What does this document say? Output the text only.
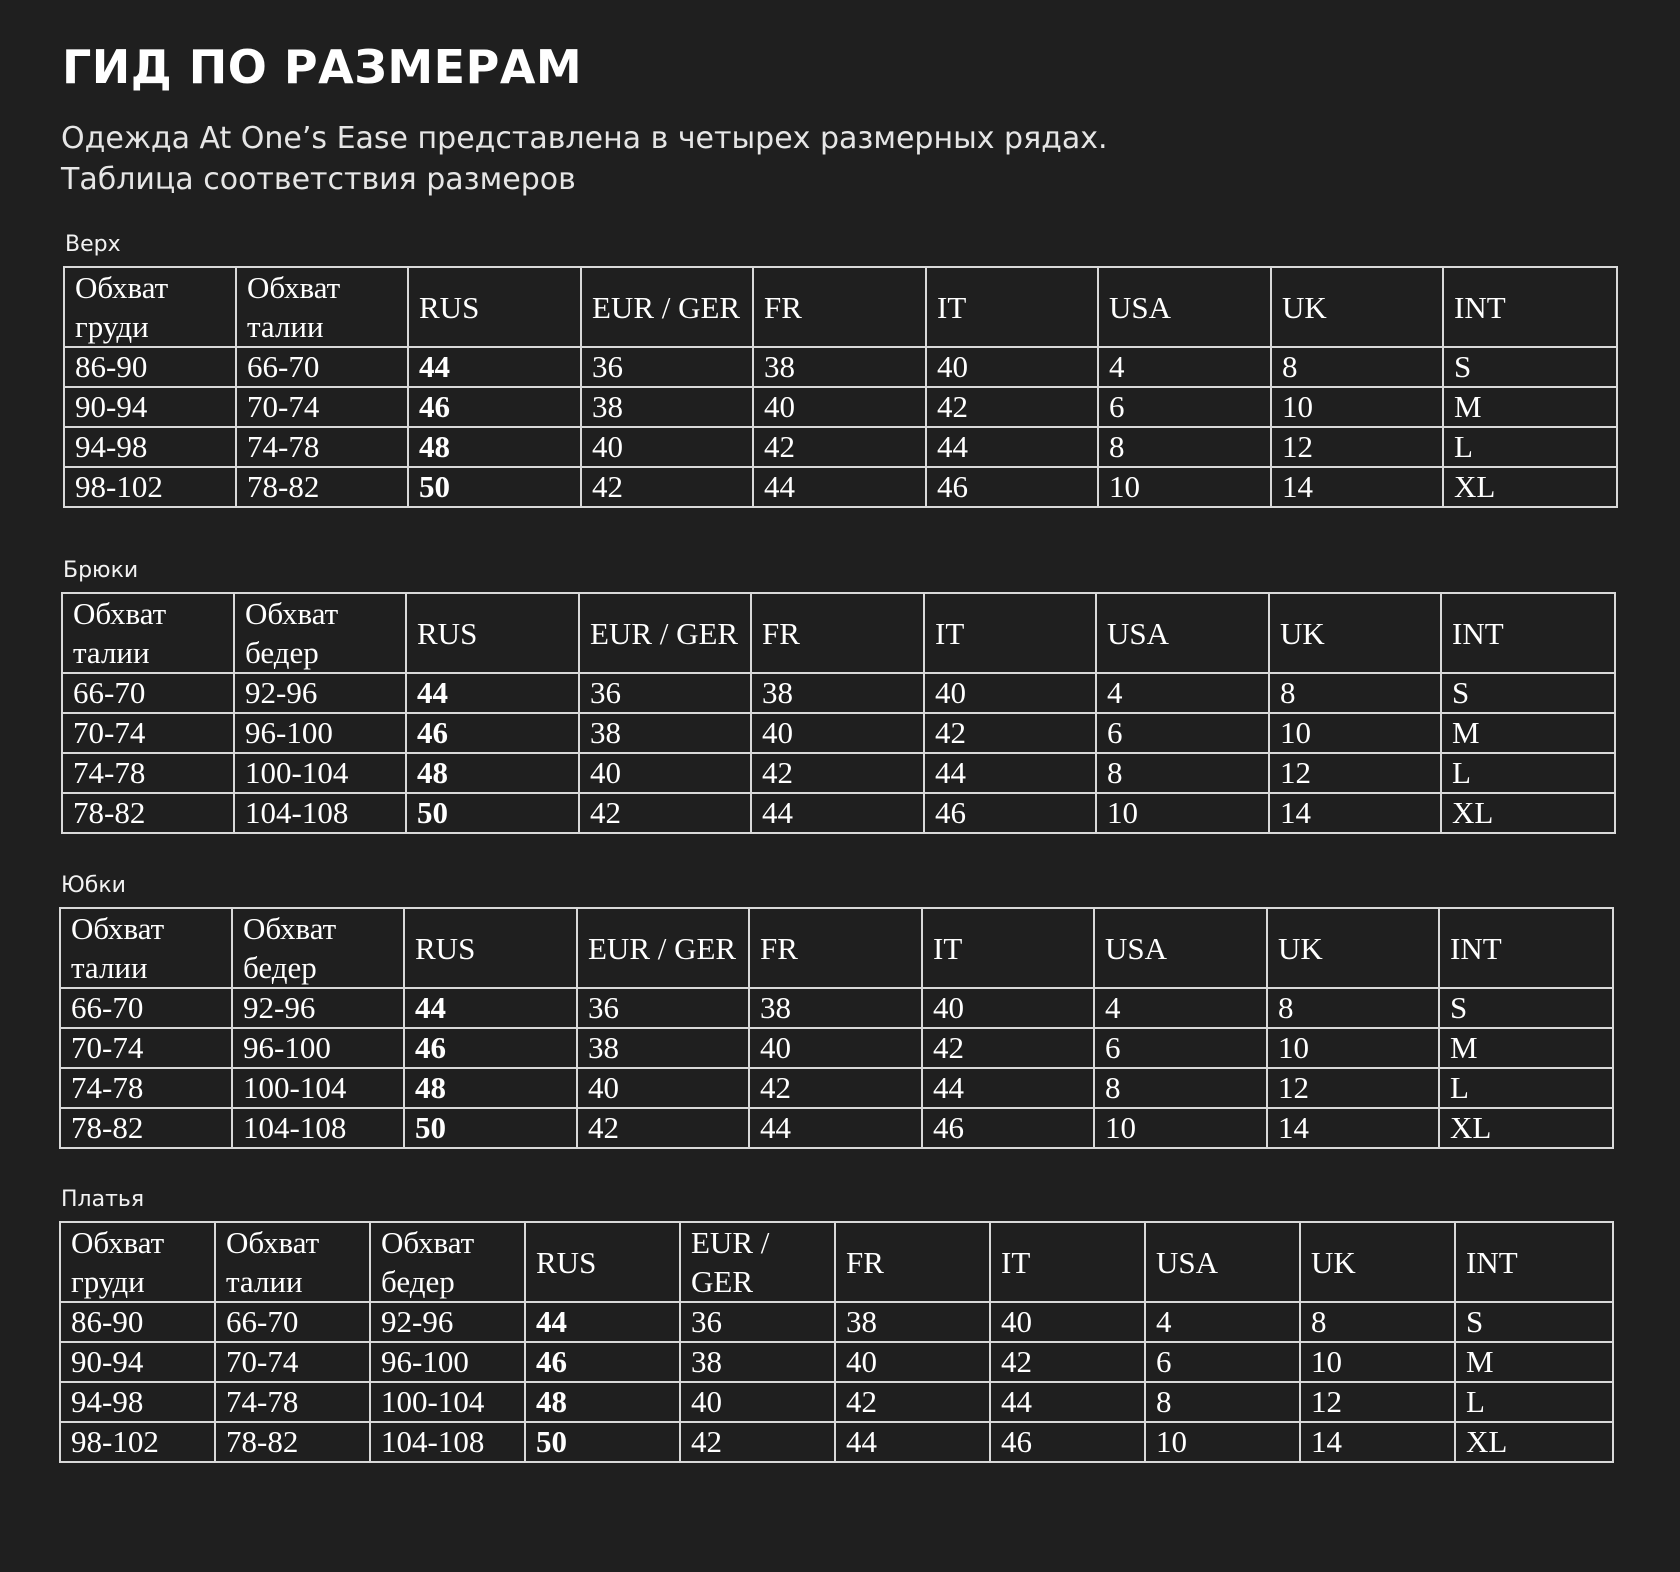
ГИД ПО РАЗМЕРАМ

Одежда At One’s Ease представлена в четырех размерных рядах.
Таблица соответствия размеров

Верх
Обхват груди	Обхват талии	RUS	EUR / GER	FR	IT	USA	UK	INT
86-90	66-70	44	36	38	40	4	8	S
90-94	70-74	46	38	40	42	6	10	M
94-98	74-78	48	40	42	44	8	12	L
98-102	78-82	50	42	44	46	10	14	XL
Брюки
Обхват талии	Обхват бедер	RUS	EUR / GER	FR	IT	USA	UK	INT
66-70	92-96	44	36	38	40	4	8	S
70-74	96-100	46	38	40	42	6	10	M
74-78	100-104	48	40	42	44	8	12	L
78-82	104-108	50	42	44	46	10	14	XL
Юбки
Обхват талии	Обхват бедер	RUS	EUR / GER	FR	IT	USA	UK	INT
66-70	92-96	44	36	38	40	4	8	S
70-74	96-100	46	38	40	42	6	10	M
74-78	100-104	48	40	42	44	8	12	L
78-82	104-108	50	42	44	46	10	14	XL
Платья
Обхват груди	Обхват талии	Обхват бедер	RUS	EUR / GER	FR	IT	USA	UK	INT
86-90	66-70	92-96	44	36	38	40	4	8	S
90-94	70-74	96-100	46	38	40	42	6	10	M
94-98	74-78	100-104	48	40	42	44	8	12	L
98-102	78-82	104-108	50	42	44	46	10	14	XL
